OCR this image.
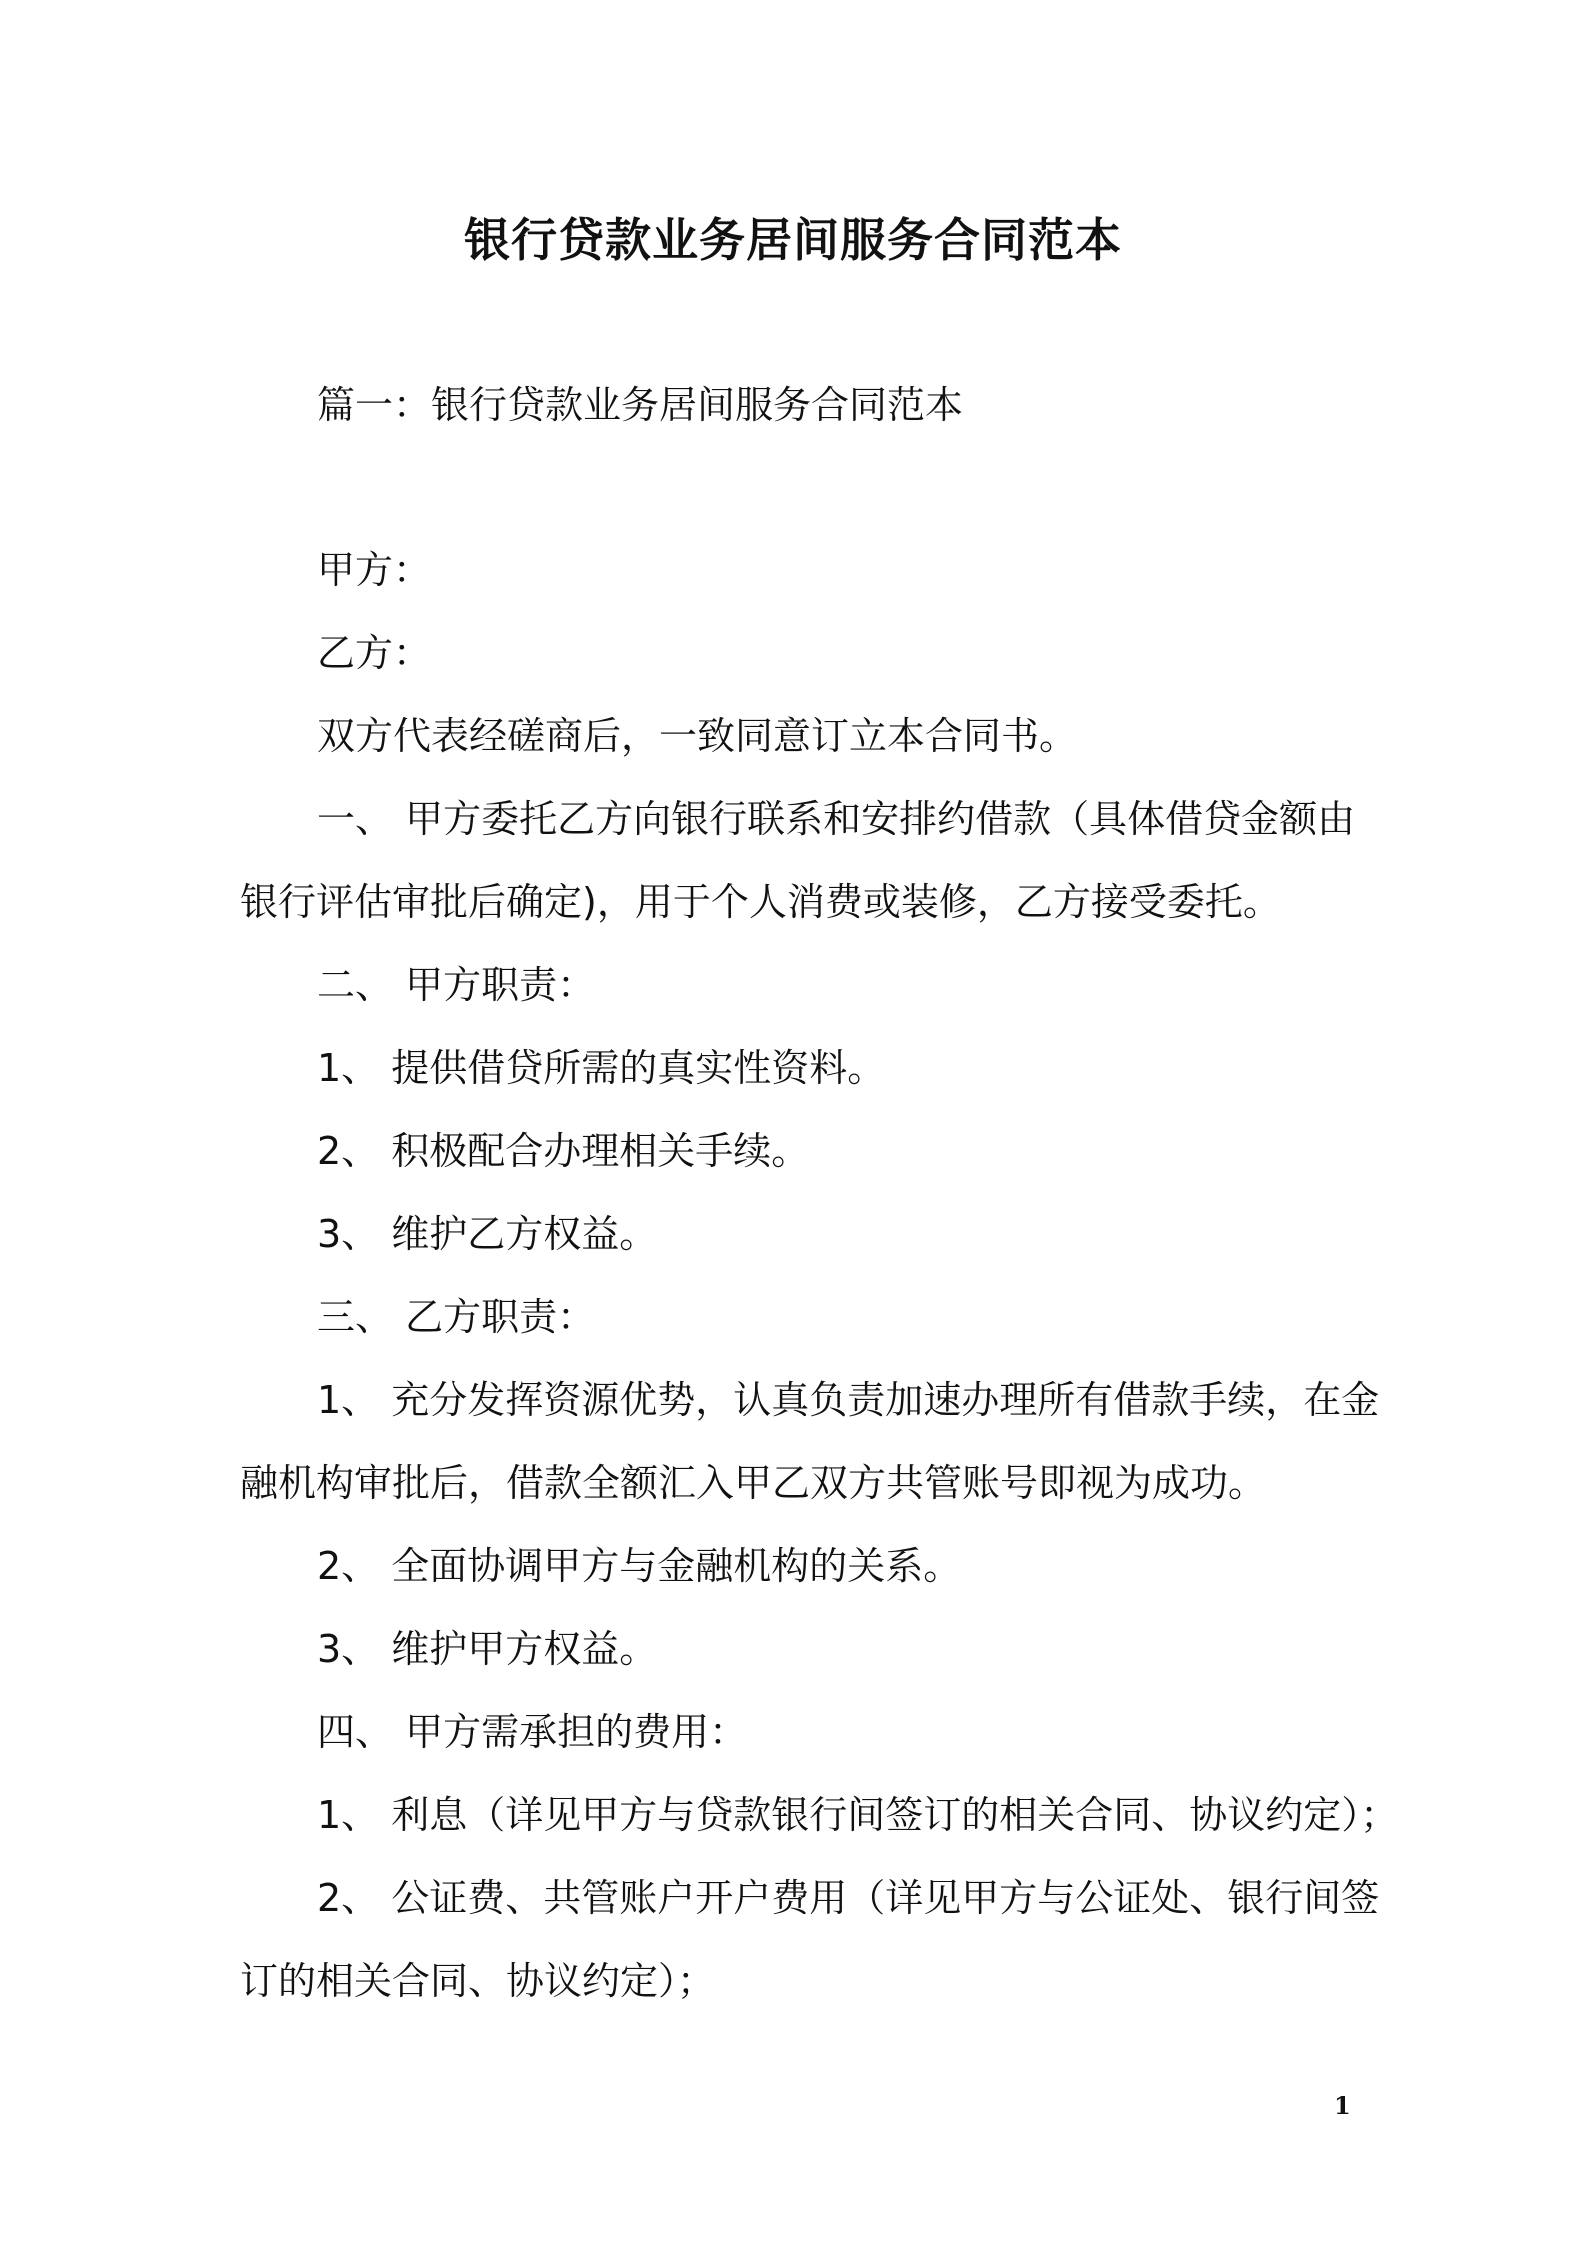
银行贷款业务居间服务合同范本
篇一：银行贷款业务居间服务合同范本
甲方：
乙方：
双方代表经磋商后，一致同意订立本合同书。
一、 甲方委托乙方向银行联系和安排约借款（具体借贷金额由
银行评估审批后确定)，用于个人消费或装修，乙方接受委托。
二、 甲方职责：
1、 提供借贷所需的真实性资料。
2、 积极配合办理相关手续。
3、 维护乙方权益。
三、 乙方职责：
1、 充分发挥资源优势，认真负责加速办理所有借款手续，在金
融机构审批后，借款全额汇入甲乙双方共管账号即视为成功。
2、 全面协调甲方与金融机构的关系。
3、 维护甲方权益。
四、 甲方需承担的费用：
1、 利息（详见甲方与贷款银行间签订的相关合同、协议约定）；
2、 公证费、共管账户开户费用（详见甲方与公证处、银行间签
订的相关合同、协议约定）；
1
